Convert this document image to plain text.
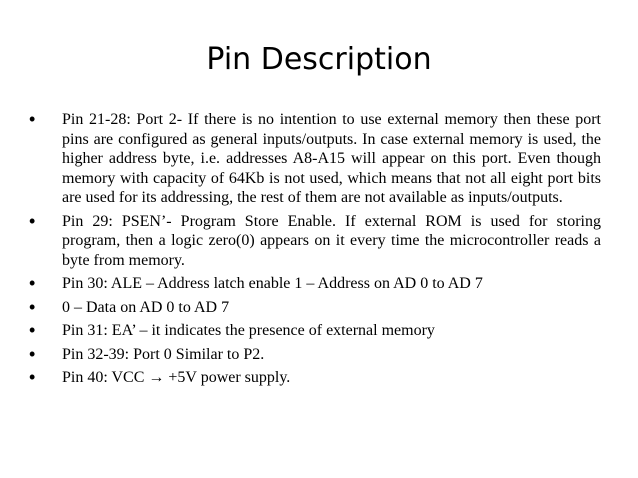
Pin Description
• Pin 21-28: Port 2- If there is no intention to use external memory then these port pins are configured as general inputs/outputs. In case external memory is used, the higher address byte, i.e. addresses A8-A15 will appear on this port. Even though memory with capacity of 64Kb is not used, which means that not all eight port bits are used for its addressing, the rest of them are not available as inputs/outputs.
• Pin 29: PSEN’- Program Store Enable. If external ROM is used for storing program, then a logic zero(0) appears on it every time the microcontroller reads a byte from memory.
• Pin 30: ALE – Address latch enable 1 – Address on AD 0 to AD 7
• 0 – Data on AD 0 to AD 7
• Pin 31: EA’ – it indicates the presence of external memory
• Pin 32-39: Port 0 Similar to P2.
• Pin 40: VCC → +5V power supply.
